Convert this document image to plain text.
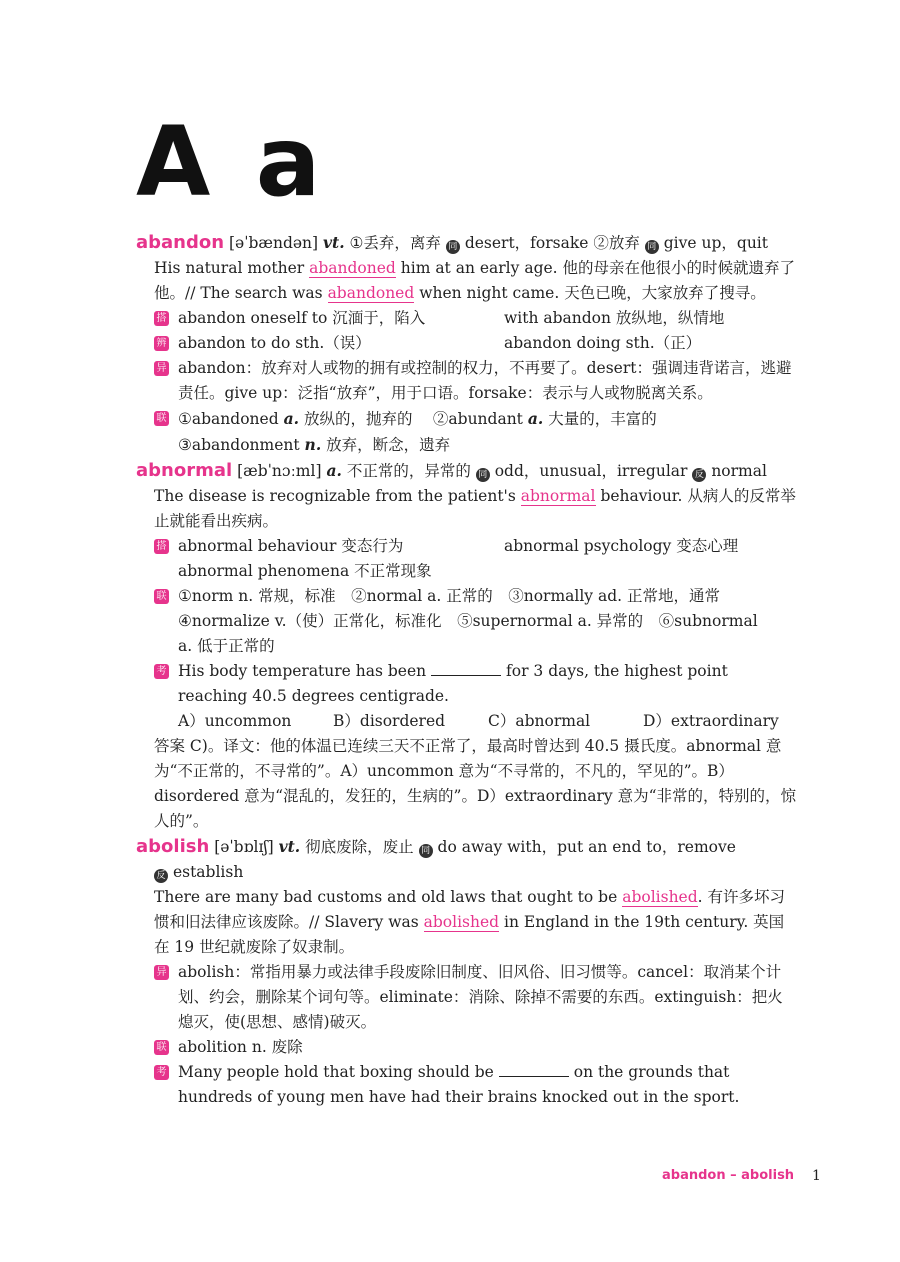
A a

abandon [əˈbændən] vt. ①丢弃，离弃 同 desert，forsake ②放弃 同 give up，quit

His natural mother abandoned him at an early age. 他的母亲在他很小的时候就遗弃了他。// The search was abandoned when night came. 天色已晚，大家放弃了搜寻。

搭 abandon oneself to 沉湎于，陷入	with abandon 放纵地，纵情地
辨 abandon to do sth.（误）	abandon doing sth.（正）
异 abandon：放弃对人或物的拥有或控制的权力，不再要了。desert：强调违背诺言，逃避责任。give up：泛指“放弃”，用于口语。forsake：表示与人或物脱离关系。
联 ①abandoned a. 放纵的，抛弃的　 ②abundant a. 大量的，丰富的
③abandonment n. 放弃，断念，遗弃

abnormal [æbˈnɔːml] a. 不正常的，异常的 同 odd，unusual，irregular 反 normal

The disease is recognizable from the patient's abnormal behaviour. 从病人的反常举止就能看出疾病。

搭 abnormal behaviour 变态行为	abnormal psychology 变态心理

abnormal phenomena 不正常现象

联 ①norm n. 常规，标准　②normal a. 正常的　③normally ad. 正常地，通常
④normalize v.（使）正常化，标准化　⑤supernormal a. 异常的　⑥subnormal
a. 低于正常的
考 His body temperature has been	for 3 days, the highest point reaching 40.5 degrees centigrade.
A）uncommon	B）disordered	C）abnormal	D）extraordinary

答案 C)。译文：他的体温已连续三天不正常了，最高时曾达到 40.5 摄氏度。abnormal 意为“不正常的，不寻常的”。A）uncommon 意为“不寻常的，不凡的，罕见的”。B）disordered 意为“混乱的，发狂的，生病的”。D）extraordinary 意为“非常的，特别的，惊人的”。

abolish [əˈbɒlɪʃ] vt. 彻底废除，废止 同 do away with，put an end to，remove
反 establish

There are many bad customs and old laws that ought to be abolished. 有许多坏习惯和旧法律应该废除。// Slavery was abolished in England in the 19th century. 英国在 19 世纪就废除了奴隶制。

异 abolish：常指用暴力或法律手段废除旧制度、旧风俗、旧习惯等。cancel：取消某个计划、约会，删除某个词句等。eliminate：消除、除掉不需要的东西。extinguish：把火熄灭，使(思想、感情)破灭。
联 abolition n. 废除
考 Many people hold that boxing should be	on the grounds that hundreds of young men have had their brains knocked out in the sport.
abandon – abolish 1
